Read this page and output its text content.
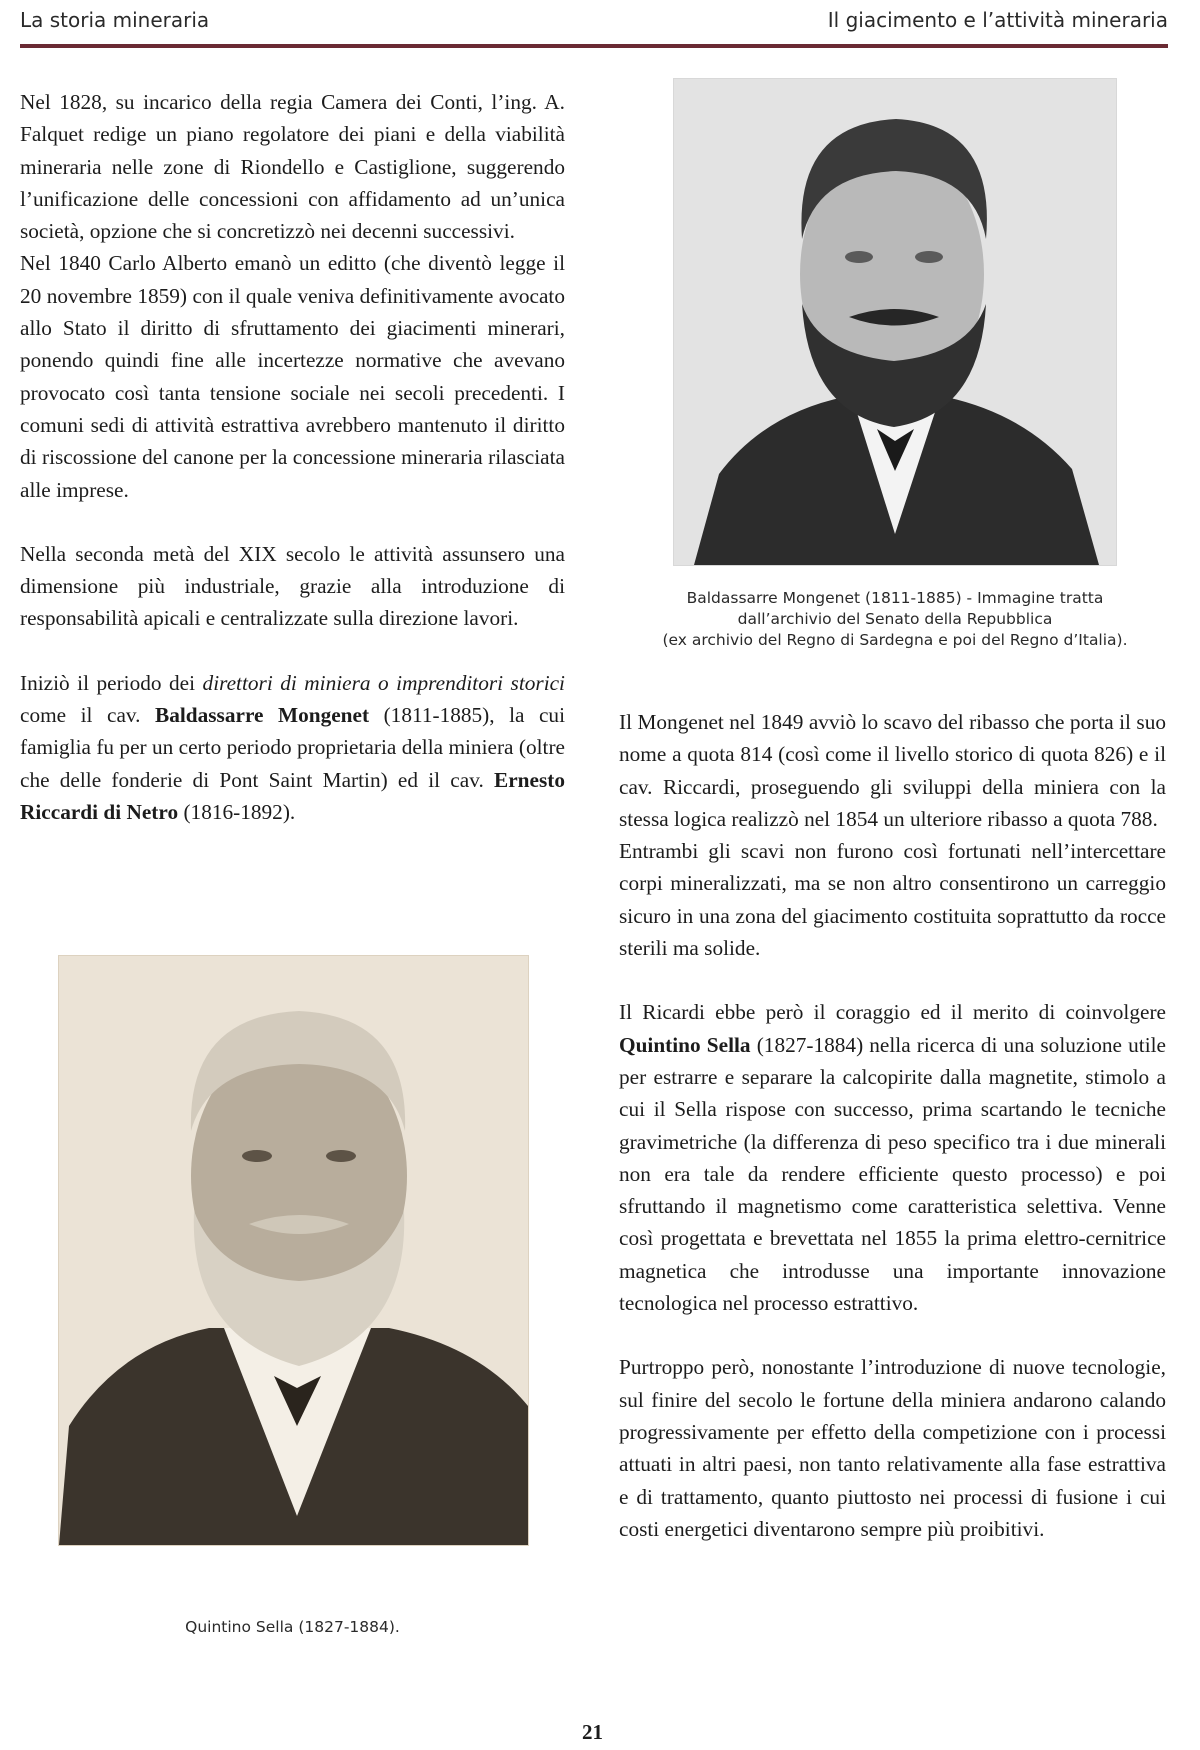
La storia mineraria	Il giacimento e l’attività mineraria

Nel 1828, su incarico della regia Camera dei Conti, l’ing. A. Falquet redige un piano regolatore dei piani e della viabilità mineraria nelle zone di Riondello e Castiglione, suggerendo l’unificazione delle concessioni con affidamento ad un’unica società, opzione che si concretizzò nei decenni successivi.

Nel 1840 Carlo Alberto emanò un editto (che diventò legge il 20 novembre 1859) con il quale veniva definitivamente avocato allo Stato il diritto di sfruttamento dei giacimenti minerari, ponendo quindi fine alle incertezze normative che avevano provocato così tanta tensione sociale nei secoli precedenti. I comuni sedi di attività estrattiva avrebbero mantenuto il diritto di riscossione del canone per la concessione mineraria rilasciata alle imprese.

Nella seconda metà del XIX secolo le attività assunsero una dimensione più industriale, grazie alla introduzione di responsabilità apicali e centralizzate sulla direzione lavori.

Iniziò il periodo dei direttori di miniera o imprenditori storici come il cav. Baldassarre Mongenet (1811-1885), la cui famiglia fu per un certo periodo proprietaria della miniera (oltre che delle fonderie di Pont Saint Martin) ed il cav. Ernesto Riccardi di Netro (1816-1892).

Baldassarre Mongenet (1811-1885) - Immagine tratta
dall’archivio del Senato della Repubblica
(ex archivio del Regno di Sardegna e poi del Regno d’Italia).

Il Mongenet nel 1849 avviò lo scavo del ribasso che porta il suo nome a quota 814 (così come il livello storico di quota 826) e il cav. Riccardi, proseguendo gli sviluppi della miniera con la stessa logica realizzò nel 1854 un ulteriore ribasso a quota 788.

Entrambi gli scavi non furono così fortunati nell’intercettare corpi mineralizzati, ma se non altro consentirono un carreggio sicuro in una zona del giacimento costituita soprattutto da rocce sterili ma solide.

Il Ricardi ebbe però il coraggio ed il merito di coinvolgere Quintino Sella (1827-1884) nella ricerca di una soluzione utile per estrarre e separare la calcopirite dalla magnetite, stimolo a cui il Sella rispose con successo, prima scartando le tecniche gravimetriche (la differenza di peso specifico tra i due minerali non era tale da rendere efficiente questo processo) e poi sfruttando il magnetismo come caratteristica selettiva. Venne così progettata e brevettata nel 1855 la prima elettro-cernitrice magnetica che introdusse una importante innovazione tecnologica nel processo estrattivo.

Purtroppo però, nonostante l’introduzione di nuove tecnologie, sul finire del secolo le fortune della miniera andarono calando progressivamente per effetto della competizione con i processi attuati in altri paesi, non tanto relativamente alla fase estrattiva e di trattamento, quanto piuttosto nei processi di fusione i cui costi energetici diventarono sempre più proibitivi.

Quintino Sella (1827-1884).
21
